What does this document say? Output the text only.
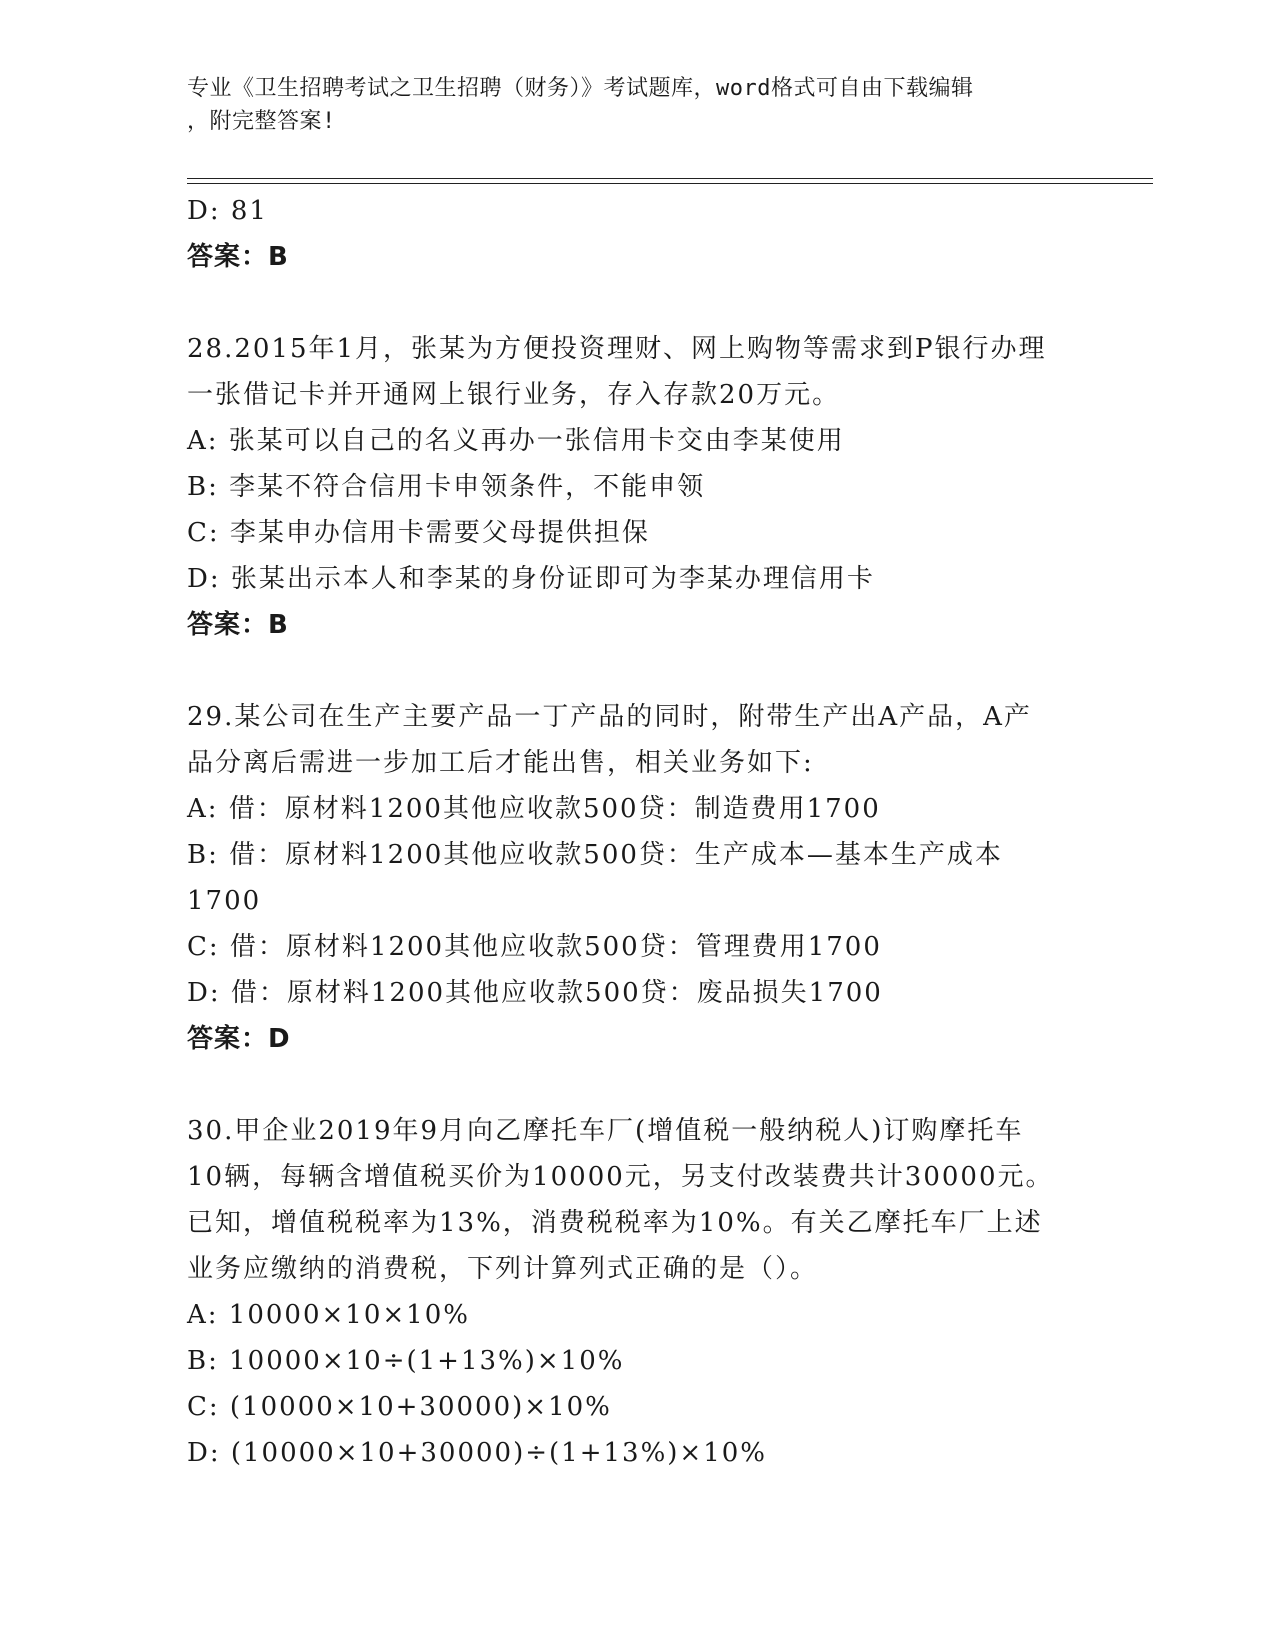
专业《卫生招聘考试之卫生招聘（财务）》考试题库，word格式可自由下载编辑

，附完整答案!

D: 81
答案：B
28.2015年1月，张某为方便投资理财、网上购物等需求到P银行办理
一张借记卡并开通网上银行业务，存入存款20万元。
A: 张某可以自己的名义再办一张信用卡交由李某使用
B: 李某不符合信用卡申领条件，不能申领
C: 李某申办信用卡需要父母提供担保
D: 张某出示本人和李某的身份证即可为李某办理信用卡
答案：B
29.某公司在生产主要产品一丁产品的同时，附带生产出A产品，A产
品分离后需进一步加工后才能出售，相关业务如下:
A: 借：原材料1200其他应收款500贷：制造费用1700
B: 借：原材料1200其他应收款500贷：生产成本—基本生产成本
1700
C: 借：原材料1200其他应收款500贷：管理费用1700
D: 借：原材料1200其他应收款500贷：废品损失1700
答案：D
30.甲企业2019年9月向乙摩托车厂(增值税一般纳税人)订购摩托车
10辆，每辆含增值税买价为10000元，另支付改装费共计30000元。
已知，增值税税率为13%，消费税税率为10%。有关乙摩托车厂上述
业务应缴纳的消费税，下列计算列式正确的是（）。
A: 10000×10×10%
B: 10000×10÷(1+13%)×10%
C: (10000×10+30000)×10%
D: (10000×10+30000)÷(1+13%)×10%
